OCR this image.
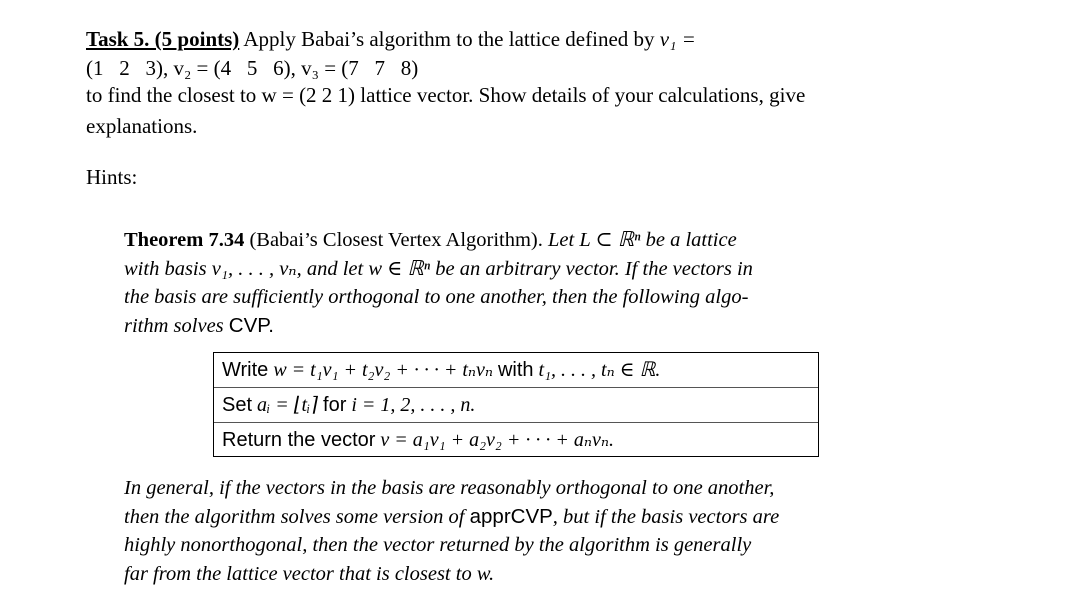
Task 5. (5 points) Apply Babai’s algorithm to the lattice defined by v₁ =
(1   2   3), v₂ = (4   5   6), v₃ = (7   7   8)
to find the closest to w = (2 2 1) lattice vector. Show details of your calculations, give
explanations.
Hints:
Theorem 7.34 (Babai’s Closest Vertex Algorithm). Let L ⊂ ℝⁿ be a lattice
with basis v₁, . . . , vₙ, and let w ∈ ℝⁿ be an arbitrary vector. If the vectors in
the basis are sufficiently orthogonal to one another, then the following algo-
rithm solves CVP.
Write w = t₁v₁ + t₂v₂ + · · · + tₙvₙ with t₁, . . . , tₙ ∈ ℝ.
Set aᵢ = ⌊tᵢ⌉ for i = 1, 2, . . . , n.
Return the vector v = a₁v₁ + a₂v₂ + · · · + aₙvₙ.
In general, if the vectors in the basis are reasonably orthogonal to one another,
then the algorithm solves some version of apprCVP, but if the basis vectors are
highly nonorthogonal, then the vector returned by the algorithm is generally
far from the lattice vector that is closest to w.
